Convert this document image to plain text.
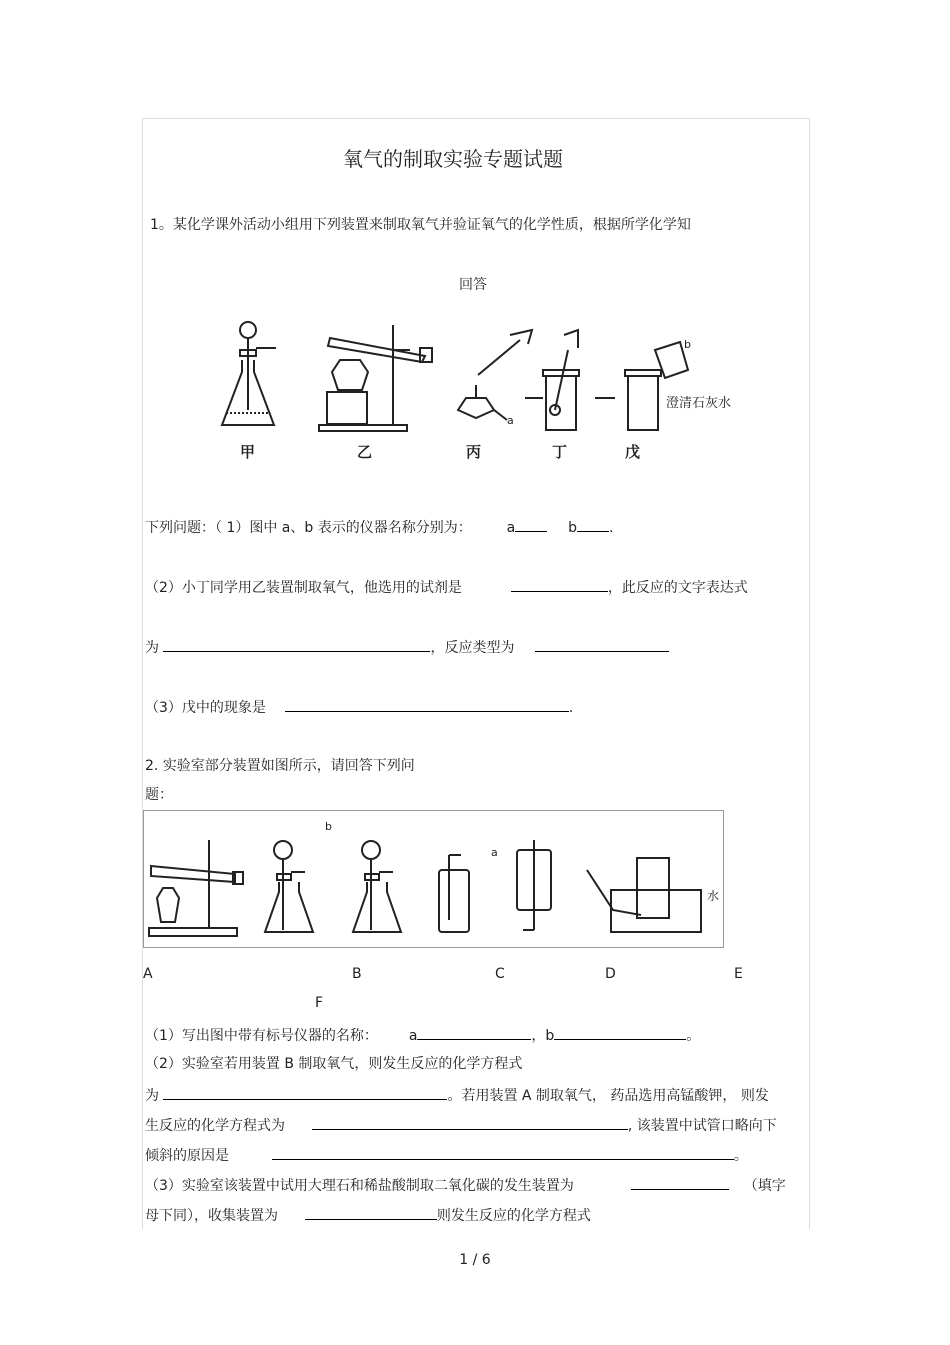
氧气的制取实验专题试题
1。某化学课外活动小组用下列装置来制取氧气并验证氧气的化学性质，根据所学化学知
回答
a
b
澄清石灰水
甲	乙	丙	丁	戊
下列问题：（ 1）图中 a、b 表示的仪器名称分别为： a	b .
（2）小丁同学用乙装置制取氧气，他选用的试剂是	，此反应的文字表达式
为	，反应类型为
（3）戊中的现象是	.
2. 实验室部分装置如图所示，请回答下列问
题：
b
a
水
A	B	C	D	E
F
（1）写出图中带有标号仪器的名称： a	，b	。
（2）实验室若用装置 B 制取氧气，则发生反应的化学方程式
为	。若用装置 A 制取氧气， 药品选用高锰酸钾， 则发
生反应的化学方程式为	, 该装置中试管口略向下
倾斜的原因是	。
（3）实验室该装置中试用大理石和稀盐酸制取二氧化碳的发生装置为	（填字
母下同），收集装置为	则发生反应的化学方程式
1 / 6
